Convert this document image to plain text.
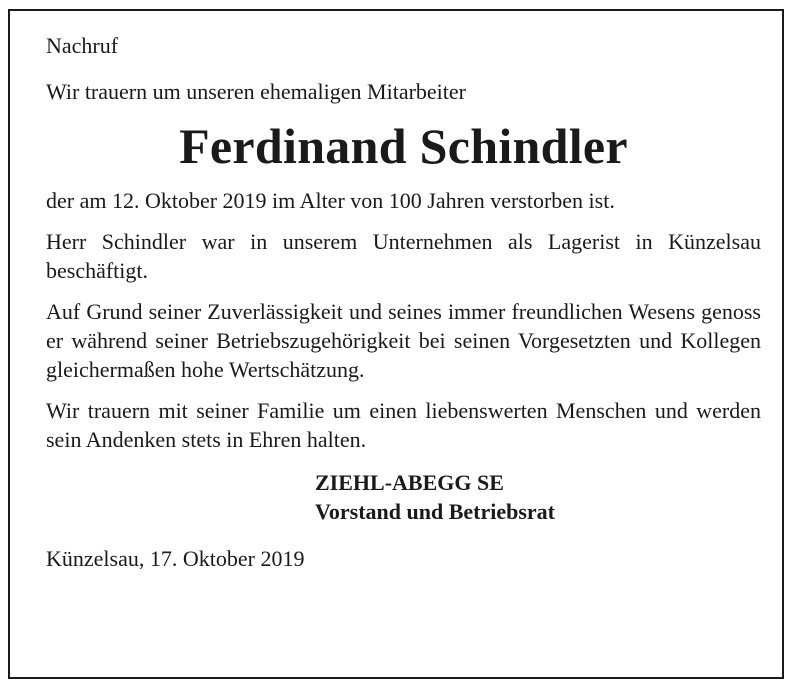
Nachruf

Wir trauern um unseren ehemaligen Mitarbeiter

Ferdinand Schindler

der am 12. Oktober 2019 im Alter von 100 Jahren verstorben ist.

Herr Schindler war in unserem Unternehmen als Lagerist in Künzelsau beschäftigt.

Auf Grund seiner Zuverlässigkeit und seines immer freundlichen Wesens genoss er während seiner Betriebszugehörigkeit bei seinen Vorgesetzten und Kollegen gleichermaßen hohe Wertschätzung.

Wir trauern mit seiner Familie um einen liebenswerten Menschen und werden sein Andenken stets in Ehren halten.

ZIEHL-ABEGG SE
Vorstand und Betriebsrat

Künzelsau, 17. Oktober 2019
